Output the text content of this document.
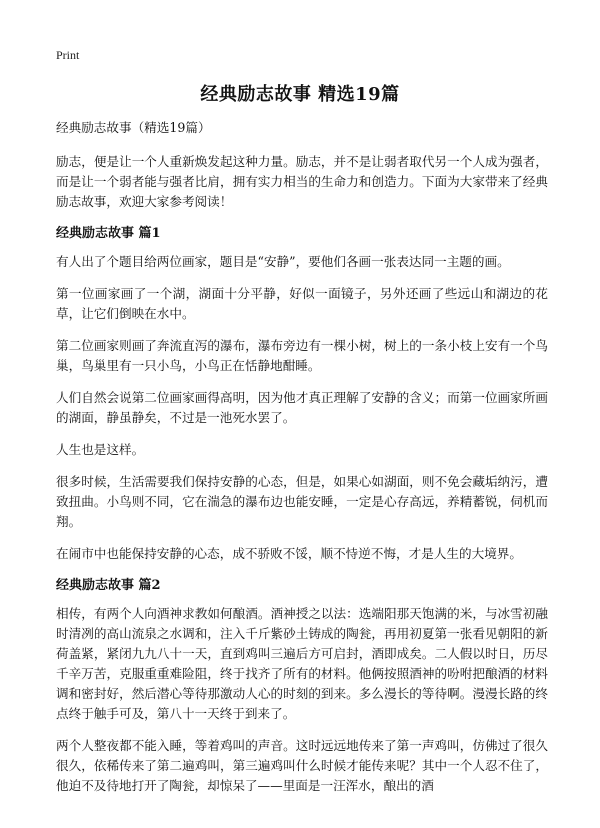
Print
经典励志故事 精选19篇

经典励志故事（精选19篇）

励志，便是让一个人重新焕发起这种力量。励志，并不是让弱者取代另一个人成为强者，而是让一个弱者能与强者比肩，拥有实力相当的生命力和创造力。下面为大家带来了经典励志故事，欢迎大家参考阅读！

经典励志故事 篇1

有人出了个题目给两位画家，题目是“安静”，要他们各画一张表达同一主题的画。

第一位画家画了一个湖，湖面十分平静，好似一面镜子，另外还画了些远山和湖边的花草，让它们倒映在水中。

第二位画家则画了奔流直泻的瀑布，瀑布旁边有一棵小树，树上的一条小枝上安有一个鸟巢，鸟巢里有一只小鸟，小鸟正在恬静地酣睡。

人们自然会说第二位画家画得高明，因为他才真正理解了安静的含义；而第一位画家所画的湖面，静虽静矣，不过是一池死水罢了。

人生也是这样。

很多时候，生活需要我们保持安静的心态，但是，如果心如湖面，则不免会藏垢纳污，遭致扭曲。小鸟则不同，它在湍急的瀑布边也能安睡，一定是心存高远，养精蓄锐，伺机而翔。

在闹市中也能保持安静的心态，成不骄败不馁，顺不恃逆不悔，才是人生的大境界。

经典励志故事 篇2

相传，有两个人向酒神求教如何酿酒。酒神授之以法：选端阳那天饱满的米，与冰雪初融时清冽的高山流泉之水调和，注入千斤紫砂土铸成的陶瓮，再用初夏第一张看见朝阳的新荷盖紧，紧闭九九八十一天，直到鸡叫三遍后方可启封，酒即成矣。二人假以时日，历尽千辛万苦，克服重重难险阻，终于找齐了所有的材料。他俩按照酒神的吩咐把酿酒的材料调和密封好，然后潜心等待那激动人心的时刻的到来。多么漫长的等待啊。漫漫长路的终点终于触手可及，第八十一天终于到来了。

两个人整夜都不能入睡，等着鸡叫的声音。这时远远地传来了第一声鸡叫，仿佛过了很久很久，依稀传来了第二遍鸡叫，第三遍鸡叫什么时候才能传来呢？其中一个人忍不住了，他迫不及待地打开了陶瓮，却惊呆了——里面是一汪浑水，酿出的酒
